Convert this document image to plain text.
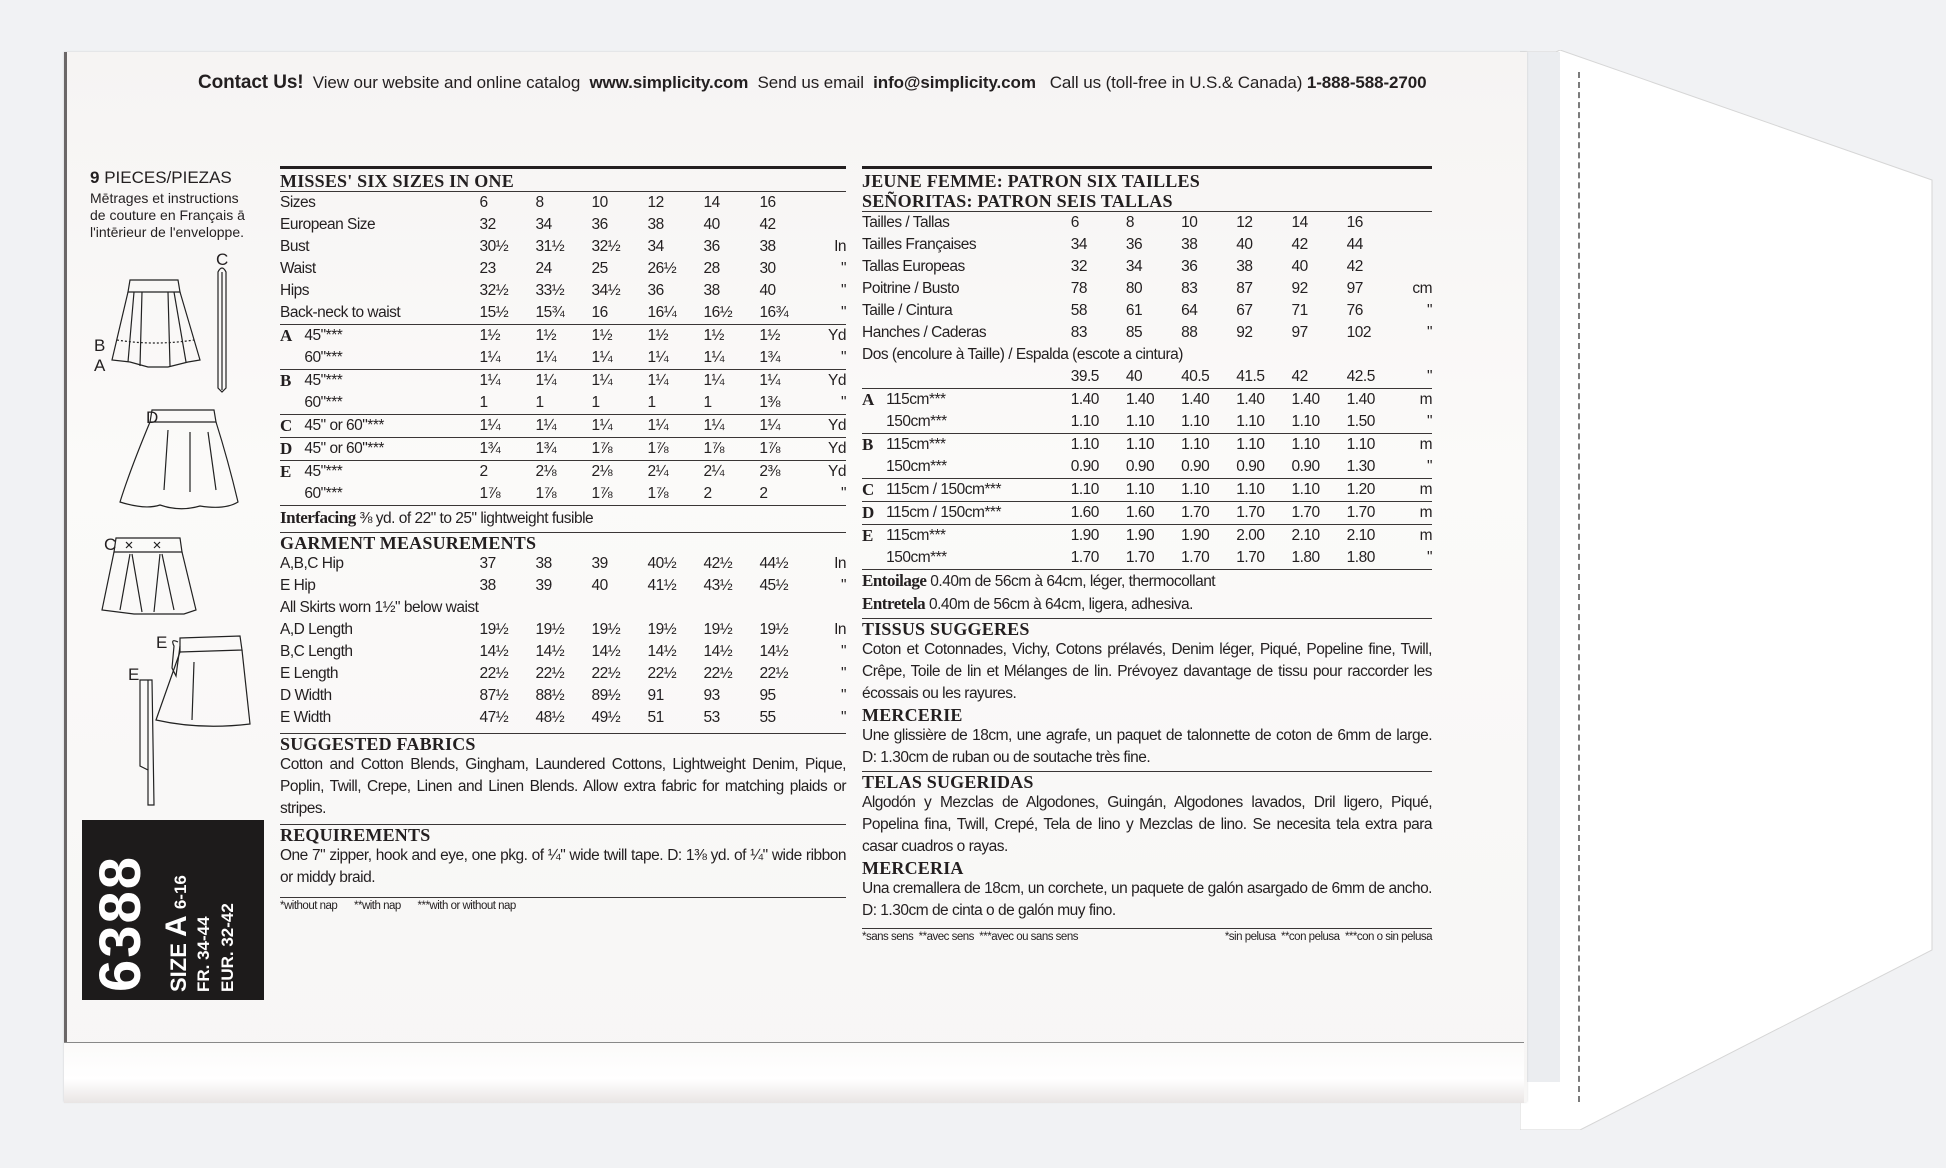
Contact Us! View our website and online catalog www.simplicity.com Send us email info@simplicity.com Call us (toll-free in U.S.& Canada) 1-888-588-2700
9 PIECES/PIEZAS
Mētrages et instructions
de couture en Français ā
l'intērieur de l'enveloppe.
C
B
A
D
C
E
E
6388 SIZE A 6-16
FR. 34-44 EUR. 32-42
MISSES' SIX SIZES IN ONE
Sizes	6	8	10	12	14	16	
European Size	32	34	36	38	40	42	
Bust	30½	31½	32½	34	36	38	In
Waist	23	24	25	26½	28	30	"
Hips	32½	33½	34½	36	38	40	"
Back-neck to waist	15½	15¾	16	16¼	16½	16¾	"
A	45"***	1½	1½	1½	1½	1½	1½	Yd
	60"***	1¼	1¼	1¼	1¼	1¼	1¾	"
B	45"***	1¼	1¼	1¼	1¼	1¼	1¼	Yd
	60"***	1	1	1	1	1	1⅜	"
C	45" or 60"***	1¼	1¼	1¼	1¼	1¼	1¼	Yd
D	45" or 60"***	1¾	1¾	1⅞	1⅞	1⅞	1⅞	Yd
E	45"***	2	2⅛	2⅛	2¼	2¼	2⅜	Yd
	60"***	1⅞	1⅞	1⅞	1⅞	2	2	"
Interfacing ⅜ yd. of 22" to 25" lightweight fusible
GARMENT MEASUREMENTS
A,B,C Hip	37	38	39	40½	42½	44½	In
E Hip	38	39	40	41½	43½	45½	"
All Skirts worn 1½" below waist							
A,D Length	19½	19½	19½	19½	19½	19½	In
B,C Length	14½	14½	14½	14½	14½	14½	"
E Length	22½	22½	22½	22½	22½	22½	"
D Width	87½	88½	89½	91	93	95	"
E Width	47½	48½	49½	51	53	55	"
SUGGESTED FABRICS
Cotton and Cotton Blends, Gingham, Laundered Cottons, Lightweight Denim, Pique, Poplin, Twill, Crepe, Linen and Linen Blends. Allow extra fabric for matching plaids or stripes.
REQUIREMENTS
One 7" zipper, hook and eye, one pkg. of ¼" wide twill tape. D: 1⅜ yd. of ¼" wide ribbon or middy braid.
*without nap **with nap ***with or without nap
JEUNE FEMME: PATRON SIX TAILLES
SEÑORITAS: PATRON SEIS TALLAS
Tailles / Tallas	6	8	10	12	14	16	
Tailles Françaises	34	36	38	40	42	44	
Tallas Europeas	32	34	36	38	40	42	
Poitrine / Busto	78	80	83	87	92	97	cm
Taille / Cintura	58	61	64	67	71	76	"
Hanches / Caderas	83	85	88	92	97	102	"
Dos (encolure à Taille) / Espalda (escote a cintura)
	39.5	40	40.5	41.5	42	42.5	"
A	115cm***	1.40	1.40	1.40	1.40	1.40	1.40	m
	150cm***	1.10	1.10	1.10	1.10	1.10	1.50	"
B	115cm***	1.10	1.10	1.10	1.10	1.10	1.10	m
	150cm***	0.90	0.90	0.90	0.90	0.90	1.30	"
C	115cm / 150cm***	1.10	1.10	1.10	1.10	1.10	1.20	m
D	115cm / 150cm***	1.60	1.60	1.70	1.70	1.70	1.70	m
E	115cm***	1.90	1.90	1.90	2.00	2.10	2.10	m
	150cm***	1.70	1.70	1.70	1.70	1.80	1.80	"
Entoilage 0.40m de 56cm à 64cm, léger, thermocollant
Entretela 0.40m de 56cm à 64cm, ligera, adhesiva.
TISSUS SUGGERES
Coton et Cotonnades, Vichy, Cotons prélavés, Denim léger, Piqué, Popeline fine, Twill, Crêpe, Toile de lin et Mélanges de lin. Prévoyez davantage de tissu pour raccorder les écossais ou les rayures.
MERCERIE
Une glissière de 18cm, une agrafe, un paquet de talonnette de coton de 6mm de large. D: 1.30cm de ruban ou de soutache très fine.
TELAS SUGERIDAS
Algodón y Mezclas de Algodones, Guingán, Algodones lavados, Dril ligero, Piqué, Popelina fina, Twill, Crepé, Tela de lino y Mezclas de lino. Se necesita tela extra para casar cuadros o rayas.
MERCERIA
Una cremallera de 18cm, un corchete, un paquete de galón asargado de 6mm de ancho. D: 1.30cm de cinta o de galón muy fino.
*sans sens **avec sens ***avec ou sans sens	*sin pelusa **con pelusa ***con o sin pelusa
